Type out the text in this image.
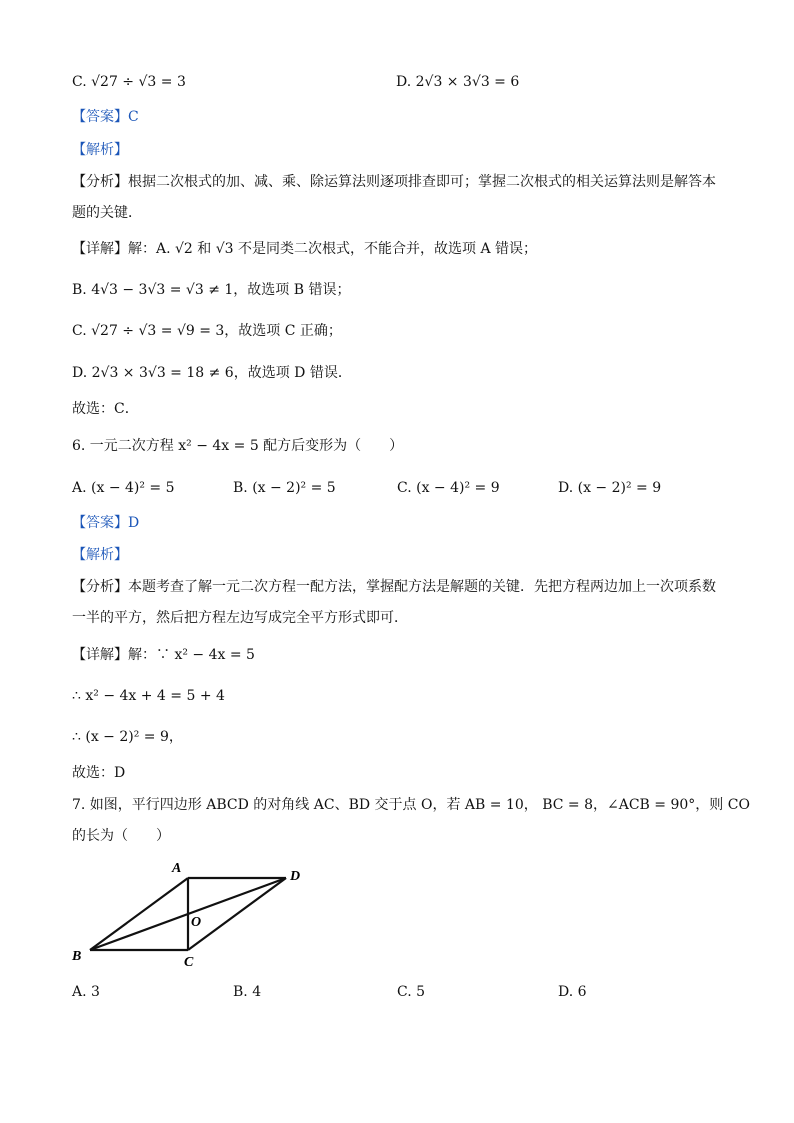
C. √27 ÷ √3 = 3	D. 2√3 × 3√3 = 6
【答案】C
【解析】
【分析】根据二次根式的加、减、乘、除运算法则逐项排查即可；掌握二次根式的相关运算法则是解答本
题的关键．
【详解】解：A. √2 和 √3 不是同类二次根式，不能合并，故选项 A 错误；
B. 4√3 − 3√3 = √3 ≠ 1，故选项 B 错误；
C. √27 ÷ √3 = √9 = 3，故选项 C 正确；
D. 2√3 × 3√3 = 18 ≠ 6，故选项 D 错误．
故选：C．
6. 一元二次方程 x² − 4x = 5 配方后变形为（　　）
A. (x − 4)² = 5	B. (x − 2)² = 5	C. (x − 4)² = 9	D. (x − 2)² = 9
【答案】D
【解析】
【分析】本题考查了解一元二次方程一配方法，掌握配方法是解题的关键．先把方程两边加上一次项系数
一半的平方，然后把方程左边写成完全平方形式即可．
【详解】解：∵ x² − 4x = 5
∴ x² − 4x + 4 = 5 + 4
∴ (x − 2)² = 9，
故选：D
7. 如图，平行四边形 ABCD 的对角线 AC、BD 交于点 O，若 AB = 10， BC = 8，∠ACB = 90°，则 CO
的长为（　　）
A
B	C
D
O
A. 3	B. 4	C. 5	D. 6
